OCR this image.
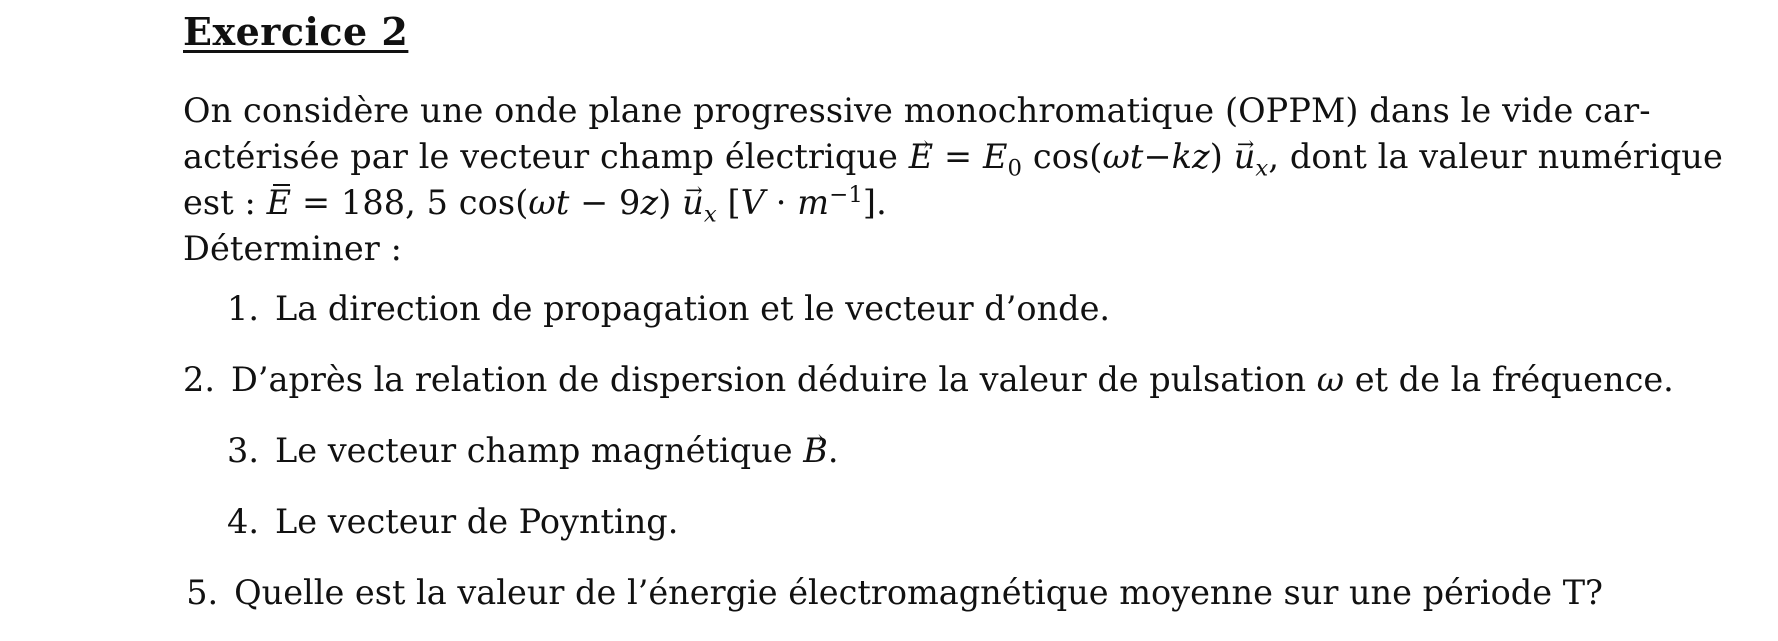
Exercice 2
On considère une onde plane progressive monochromatique (OPPM) dans le vide car-
actérisée par le vecteur champ électrique → $E = E_0$ $\cos(\omega t-kz) \to u_x$, dont la valeur numérique
est : E = 188, 5 $\cos(\omega t - 9z) \to u_x$ $[V \cdot m^{-1}]$.
Déterminer :
1. La direction de propagation et le vecteur d’onde.
2. D’après la relation de dispersion déduire la valeur de pulsation ω et de la fréquence.
3. Le vecteur champ magnétique → B.
4. Le vecteur de Poynting.
5. Quelle est la valeur de l’énergie électromagnétique moyenne sur une période T?
